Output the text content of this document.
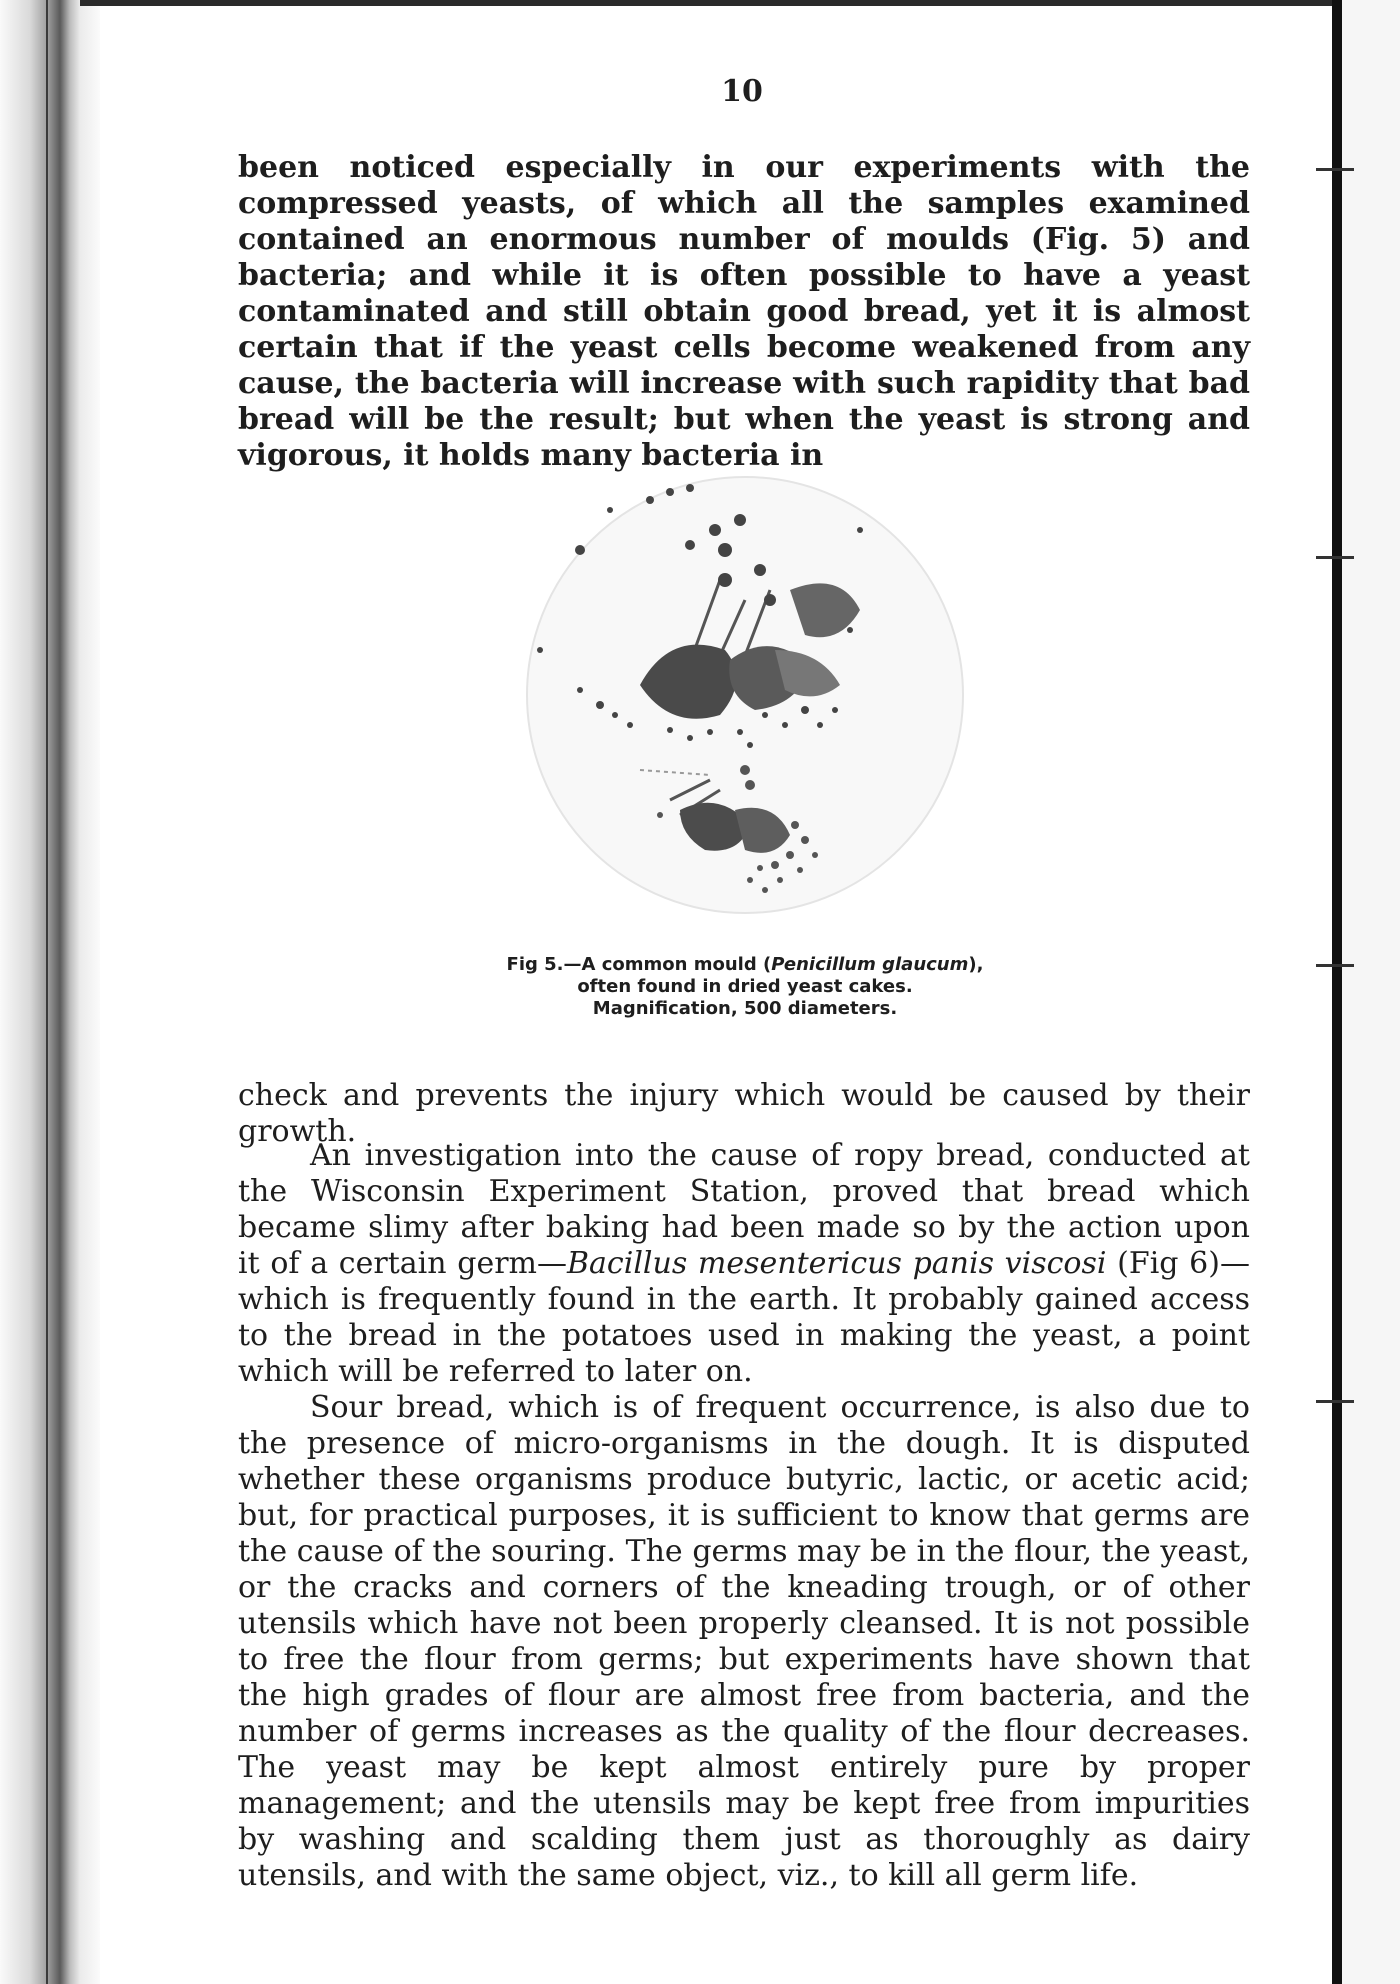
10

been noticed especially in our experiments with the compressed yeasts, of which all the samples examined contained an enormous number of moulds (Fig. 5) and bacteria; and while it is often possible to have a yeast contaminated and still obtain good bread, yet it is almost certain that if the yeast cells become weakened from any cause, the bacteria will increase with such rapidity that bad bread will be the result; but when the yeast is strong and vigorous, it holds many bacteria in

Fig 5.—A common mould (Penicillum glaucum),
often found in dried yeast cakes.
Magnification, 500 diameters.

check and prevents the injury which would be caused by their growth.

An investigation into the cause of ropy bread, conducted at the Wisconsin Experiment Station, proved that bread which became slimy after baking had been made so by the action upon it of a certain germ—Bacillus mesentericus panis viscosi (Fig 6)—which is frequently found in the earth. It probably gained access to the bread in the potatoes used in making the yeast, a point which will be referred to later on.

Sour bread, which is of frequent occurrence, is also due to the presence of micro-organisms in the dough. It is disputed whether these organisms produce butyric, lactic, or acetic acid; but, for practical purposes, it is sufficient to know that germs are the cause of the souring. The germs may be in the flour, the yeast, or the cracks and corners of the kneading trough, or of other utensils which have not been properly cleansed. It is not possible to free the flour from germs; but experiments have shown that the high grades of flour are almost free from bacteria, and the number of germs increases as the quality of the flour decreases. The yeast may be kept almost entirely pure by proper management; and the utensils may be kept free from impurities by washing and scalding them just as thoroughly as dairy utensils, and with the same object, viz., to kill all germ life.
